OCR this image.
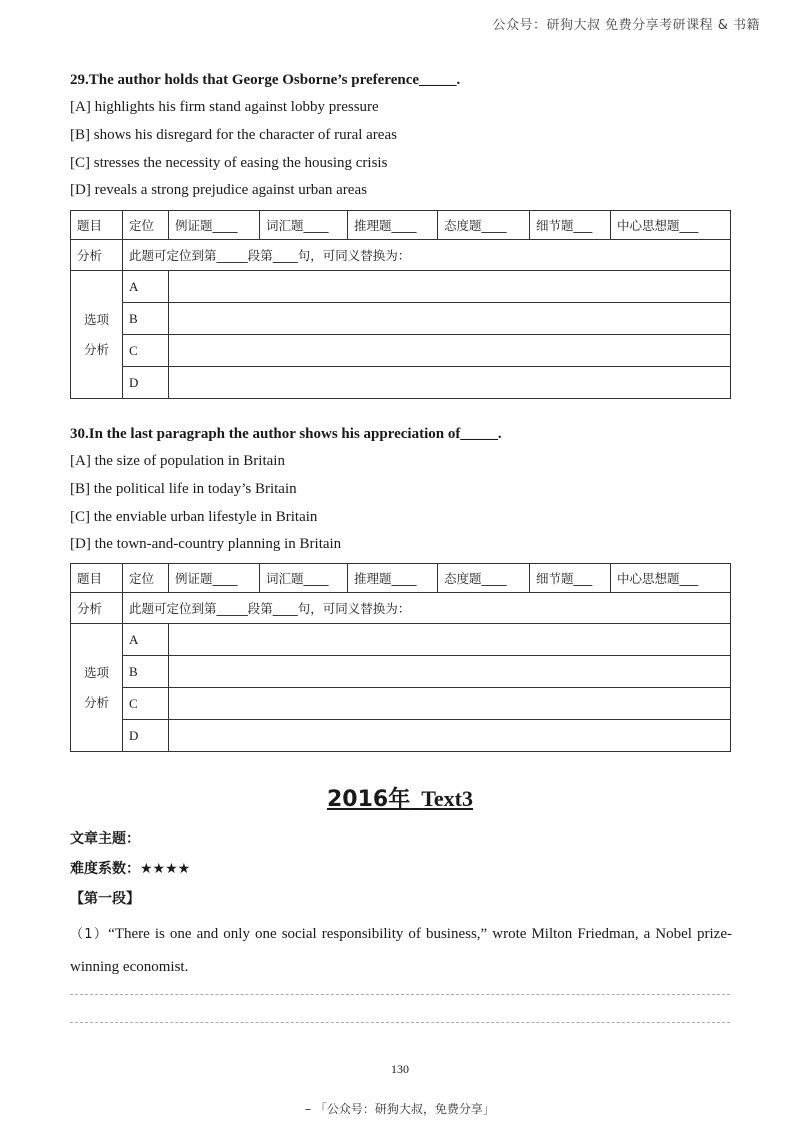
公众号：研狗大叔 免费分享考研课程 & 书籍
29.The author holds that George Osborne’s preference_____.
[A] highlights his firm stand against lobby pressure
[B] shows his disregard for the character of rural areas
[C] stresses the necessity of easing the housing crisis
[D] reveals a strong prejudice against urban areas
题目	定位	例证题____	词汇题____	推理题____	态度题____	细节题___	中心思想题___
分析	此题可定位到第_____段第____句，可同义替换为：						

选项
分析	A						
	B						
	C						
	D						
30.In the last paragraph the author shows his appreciation of_____.
[A] the size of population in Britain
[B] the political life in today’s Britain
[C] the enviable urban lifestyle in Britain
[D] the town-and-country planning in Britain
题目	定位	例证题____	词汇题____	推理题____	态度题____	细节题___	中心思想题___
分析	此题可定位到第_____段第____句，可同义替换为：						

选项
分析	A						
	B						
	C						
	D						
2016年 Text3
文章主题：
难度系数：★★★★
【第一段】
（1）“There is one and only one social responsibility of business,” wrote Milton Friedman, a Nobel prize-winning economist.
130
– 「公众号：研狗大叔，免费分享」
